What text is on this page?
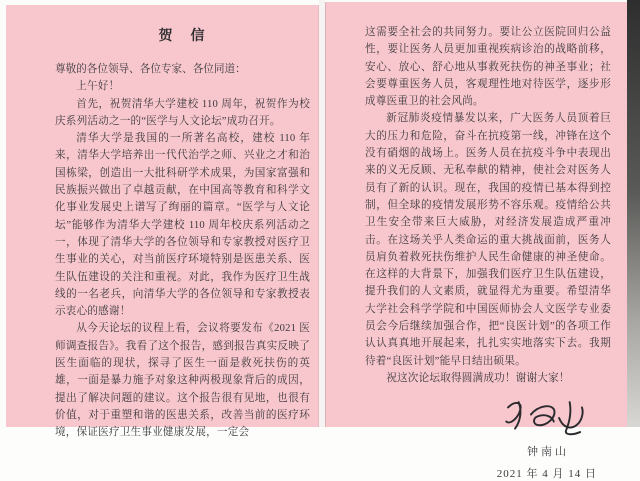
贺　信

尊敬的各位领导、各位专家、各位同道：

上午好！

首先，祝贺清华大学建校 110 周年，祝贺作为校庆系列活动之一的“医学与人文论坛”成功召开。

清华大学是我国的一所著名高校，建校 110 年来，清华大学培养出一代代治学之师、兴业之才和治国栋梁，创造出一大批科研学术成果，为国家富强和民族振兴做出了卓越贡献，在中国高等教育和科学文化事业发展史上谱写了绚丽的篇章。“医学与人文论坛”能够作为清华大学建校 110 周年校庆系列活动之一，体现了清华大学的各位领导和专家教授对医疗卫生事业的关心，对当前医疗环境特别是医患关系、医生队伍建设的关注和重视。对此，我作为医疗卫生战线的一名老兵，向清华大学的各位领导和专家教授表示衷心的感谢！

从今天论坛的议程上看，会议将要发布《2021 医师调查报告》。我看了这个报告，感到报告真实反映了医生面临的现状，探寻了医生一面是救死扶伤的英雄，一面是暴力施予对象这种两极现象背后的成因，提出了解决问题的建议。这个报告很有见地，也很有价值，对于重塑和谐的医患关系，改善当前的医疗环境，保证医疗卫生事业健康发展，一定会

这需要全社会的共同努力。要让公立医院回归公益性，要让医务人员更加重视疾病诊治的战略前移，安心、放心、舒心地从事救死扶伤的神圣事业；社会要尊重医务人员，客观理性地对待医学，逐步形成尊医重卫的社会风尚。

新冠肺炎疫情暴发以来，广大医务人员顶着巨大的压力和危险，奋斗在抗疫第一线，冲锋在这个没有硝烟的战场上。医务人员在抗疫斗争中表现出来的义无反顾、无私奉献的精神，使社会对医务人员有了新的认识。现在，我国的疫情已基本得到控制，但全球的疫情发展形势不容乐观。疫情给公共卫生安全带来巨大威胁，对经济发展造成严重冲击。在这场关乎人类命运的重大挑战面前，医务人员肩负着救死扶伤维护人民生命健康的神圣使命。在这样的大背景下，加强我们医疗卫生队伍建设，提升我们的人文素质，就显得尤为重要。希望清华大学社会科学学院和中国医师协会人文医学专业委员会今后继续加强合作，把“良医计划”的各项工作认认真真地开展起来，扎扎实实地落实下去。我期待着“良医计划”能早日结出硕果。

祝这次论坛取得圆满成功！谢谢大家！

钟南山

2021 年 4 月 14 日
